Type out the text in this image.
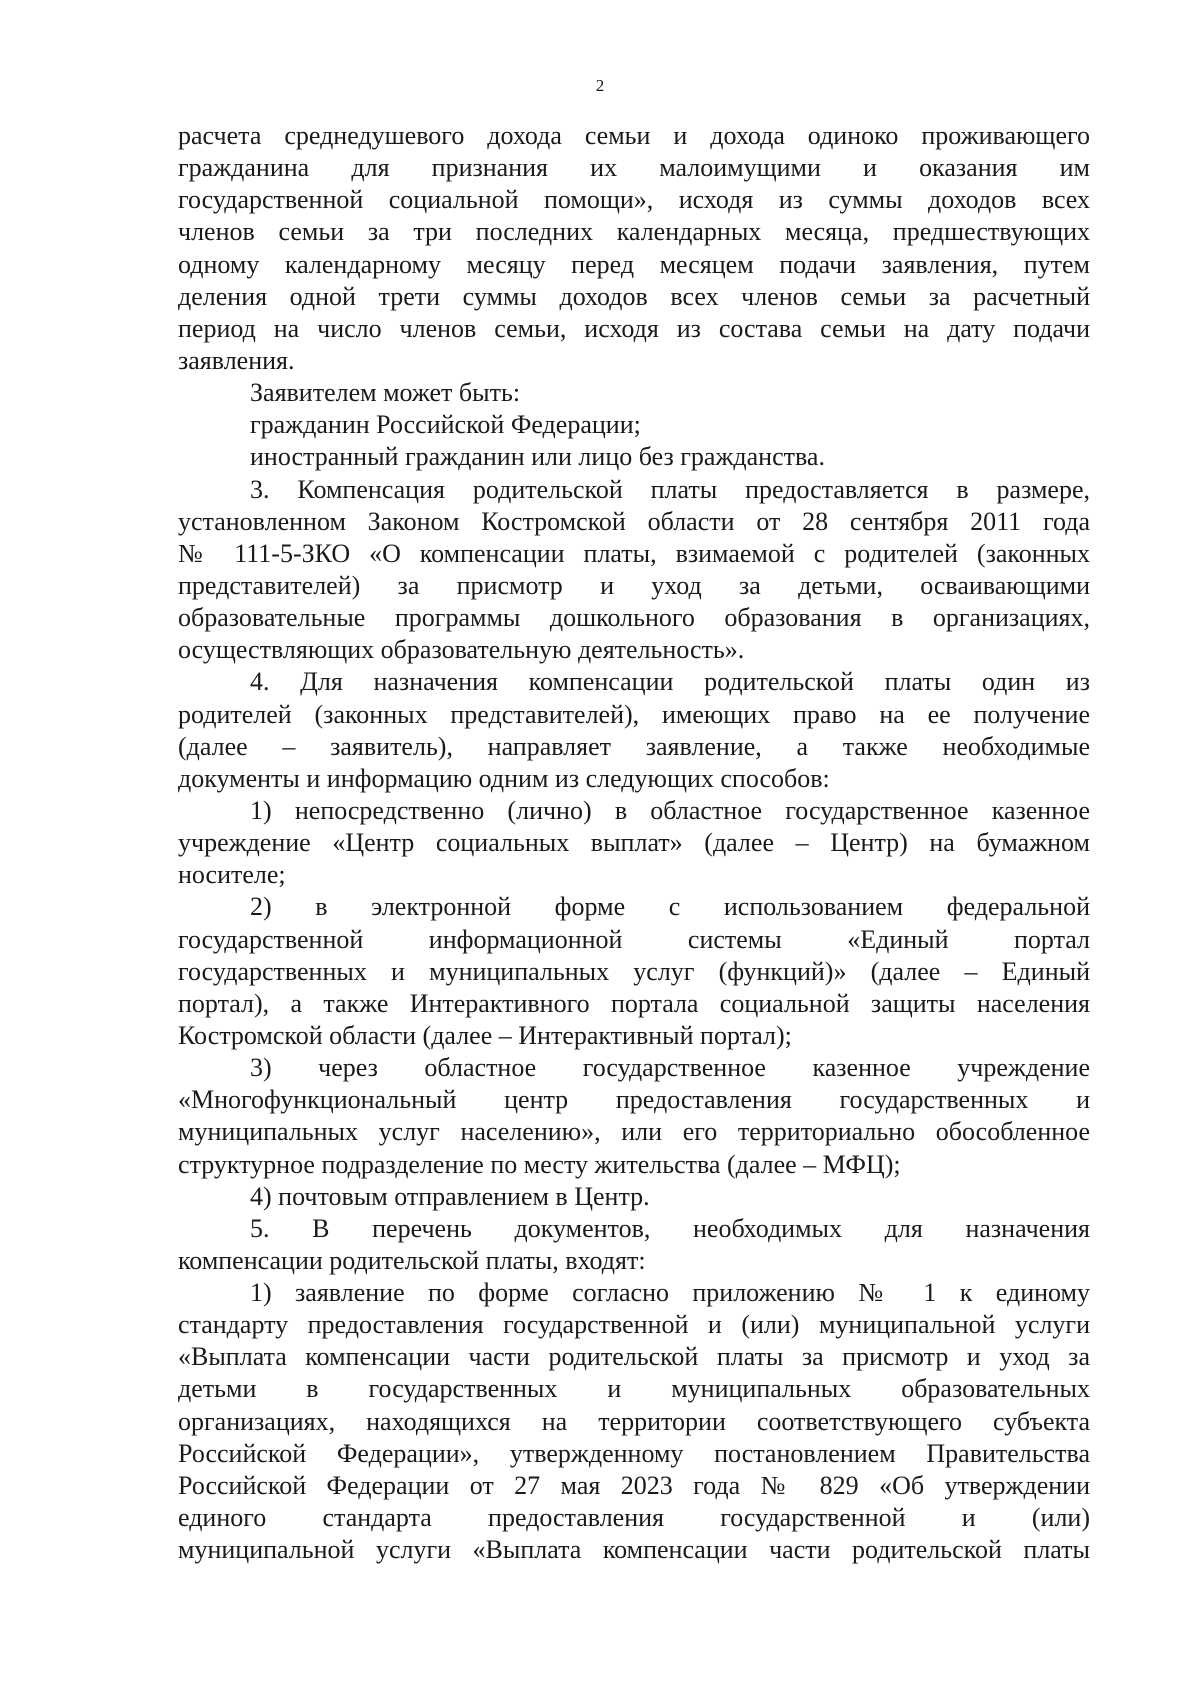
2
расчета среднедушевого дохода семьи и дохода одиноко проживающего
гражданина для признания их малоимущими и оказания им
государственной социальной помощи», исходя из суммы доходов всех
членов семьи за три последних календарных месяца, предшествующих
одному календарному месяцу перед месяцем подачи заявления, путем
деления одной трети суммы доходов всех членов семьи за расчетный
период на число членов семьи, исходя из состава семьи на дату подачи
заявления.
Заявителем может быть:
гражданин Российской Федерации;
иностранный гражданин или лицо без гражданства.
3. Компенсация родительской платы предоставляется в размере,
установленном Законом Костромской области от 28 сентября 2011 года
№ 111-5-ЗКО «О компенсации платы, взимаемой с родителей (законных
представителей) за присмотр и уход за детьми, осваивающими
образовательные программы дошкольного образования в организациях,
осуществляющих образовательную деятельность».
4. Для назначения компенсации родительской платы один из
родителей (законных представителей), имеющих право на ее получение
(далее – заявитель), направляет заявление, а также необходимые
документы и информацию одним из следующих способов:
1) непосредственно (лично) в областное государственное казенное
учреждение «Центр социальных выплат» (далее – Центр) на бумажном
носителе;
2) в электронной форме с использованием федеральной
государственной информационной системы «Единый портал
государственных и муниципальных услуг (функций)» (далее – Единый
портал), а также Интерактивного портала социальной защиты населения
Костромской области (далее – Интерактивный портал);
3) через областное государственное казенное учреждение
«Многофункциональный центр предоставления государственных и
муниципальных услуг населению», или его территориально обособленное
структурное подразделение по месту жительства (далее – МФЦ);
4) почтовым отправлением в Центр.
5. В перечень документов, необходимых для назначения
компенсации родительской платы, входят:
1) заявление по форме согласно приложению № 1 к единому
стандарту предоставления государственной и (или) муниципальной услуги
«Выплата компенсации части родительской платы за присмотр и уход за
детьми в государственных и муниципальных образовательных
организациях, находящихся на территории соответствующего субъекта
Российской Федерации», утвержденному постановлением Правительства
Российской Федерации от 27 мая 2023 года № 829 «Об утверждении
единого стандарта предоставления государственной и (или)
муниципальной услуги «Выплата компенсации части родительской платы
